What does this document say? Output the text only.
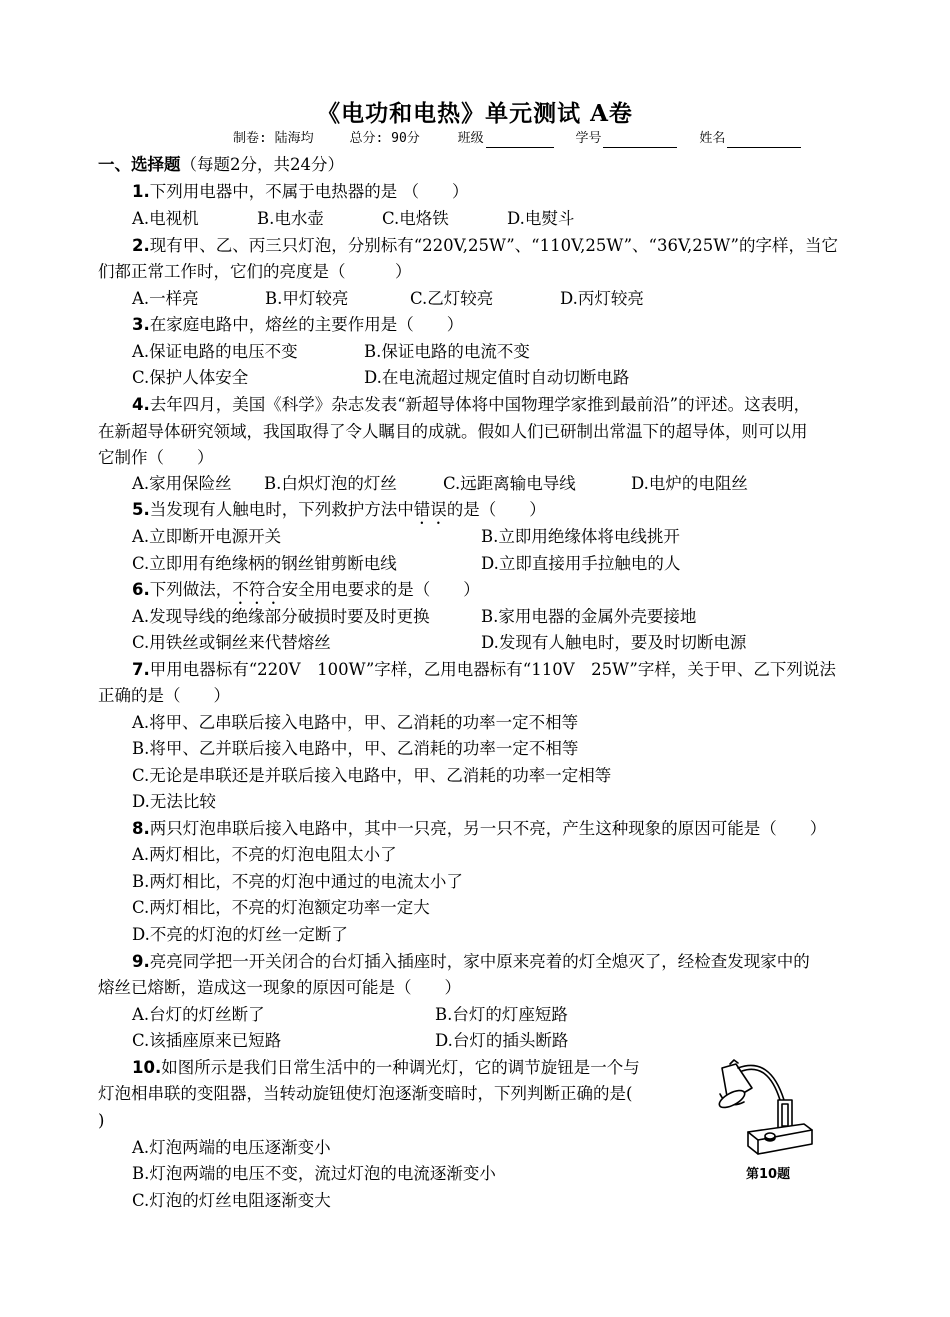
《电功和电热》单元测试 A卷
制卷: 陆海均	总分: 90分	班级	学号	姓名
一、选择题（每题2分，共24分）
1.下列用电器中，不属于电热器的是 （　　）
A.电视机	B.电水壶	C.电烙铁	D.电熨斗
2.现有甲、乙、丙三只灯泡，分别标有“220V,25W”、“110V,25W”、“36V,25W”的字样，当它
们都正常工作时，它们的亮度是（　　　）
A.一样亮	B.甲灯较亮	C.乙灯较亮	D.丙灯较亮
3.在家庭电路中，熔丝的主要作用是（　　）
A.保证电路的电压不变	B.保证电路的电流不变
C.保护人体安全	D.在电流超过规定值时自动切断电路
4.去年四月，美国《科学》杂志发表“新超导体将中国物理学家推到最前沿”的评述。这表明，
在新超导体研究领域，我国取得了令人瞩目的成就。假如人们已研制出常温下的超导体，则可以用
它制作（　　）
A.家用保险丝 B.白炽灯泡的灯丝	C.远距离输电导线	D.电炉的电阻丝
5.当发现有人触电时，下列救护方法中错误的是（　　）
A.立即断开电源开关	B.立即用绝缘体将电线挑开
C.立即用有绝缘柄的钢丝钳剪断电线	D.立即直接用手拉触电的人
6.下列做法，不符合安全用电要求的是（　　）
A.发现导线的绝缘部分破损时要及时更换	B.家用电器的金属外壳要接地
C.用铁丝或铜丝来代替熔丝	D.发现有人触电时，要及时切断电源
7.甲用电器标有“220V　100W”字样，乙用电器标有“110V　25W”字样，关于甲、乙下列说法
正确的是（　　）
A.将甲、乙串联后接入电路中，甲、乙消耗的功率一定不相等
B.将甲、乙并联后接入电路中，甲、乙消耗的功率一定不相等
C.无论是串联还是并联后接入电路中，甲、乙消耗的功率一定相等
D.无法比较
8.两只灯泡串联后接入电路中，其中一只亮，另一只不亮，产生这种现象的原因可能是（　　）
A.两灯相比，不亮的灯泡电阻太小了
B.两灯相比，不亮的灯泡中通过的电流太小了
C.两灯相比，不亮的灯泡额定功率一定大
D.不亮的灯泡的灯丝一定断了
9.亮亮同学把一开关闭合的台灯插入插座时，家中原来亮着的灯全熄灭了，经检查发现家中的
熔丝已熔断，造成这一现象的原因可能是（　　）
A.台灯的灯丝断了	B.台灯的灯座短路
C.该插座原来已短路	D.台灯的插头断路
10.如图所示是我们日常生活中的一种调光灯，它的调节旋钮是一个与
灯泡相串联的变阻器，当转动旋钮使灯泡逐渐变暗时，下列判断正确的是(
)
A.灯泡两端的电压逐渐变小
B.灯泡两端的电压不变，流过灯泡的电流逐渐变小
C.灯泡的灯丝电阻逐渐变大
第10题
